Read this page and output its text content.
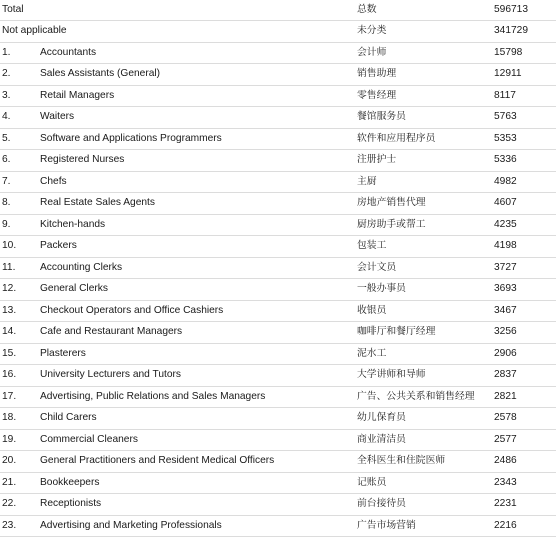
Total		总数	596713
Not applicable		未分类	341729
1.	Accountants	会计师	15798
2.	Sales Assistants (General)	销售助理	12911
3.	Retail Managers	零售经理	8117
4.	Waiters	餐馆服务员	5763
5.	Software and Applications Programmers	软件和应用程序员	5353
6.	Registered Nurses	注册护士	5336
7.	Chefs	主厨	4982
8.	Real Estate Sales Agents	房地产销售代理	4607
9.	Kitchen-hands	厨房助手或帮工	4235
10.	Packers	包装工	4198
11.	Accounting Clerks	会计文员	3727
12.	General Clerks	一般办事员	3693
13.	Checkout Operators and Office Cashiers	收银员	3467
14.	Cafe and Restaurant Managers	咖啡厅和餐厅经理	3256
15.	Plasterers	泥水工	2906
16.	University Lecturers and Tutors	大学讲师和导师	2837
17.	Advertising, Public Relations and Sales Managers	广告、公共关系和销售经理	2821
18.	Child Carers	幼儿保育员	2578
19.	Commercial Cleaners	商业清洁员	2577
20.	General Practitioners and Resident Medical Officers	全科医生和住院医师	2486
21.	Bookkeepers	记账员	2343
22.	Receptionists	前台接待员	2231
23.	Advertising and Marketing Professionals	广告市场营销	2216
